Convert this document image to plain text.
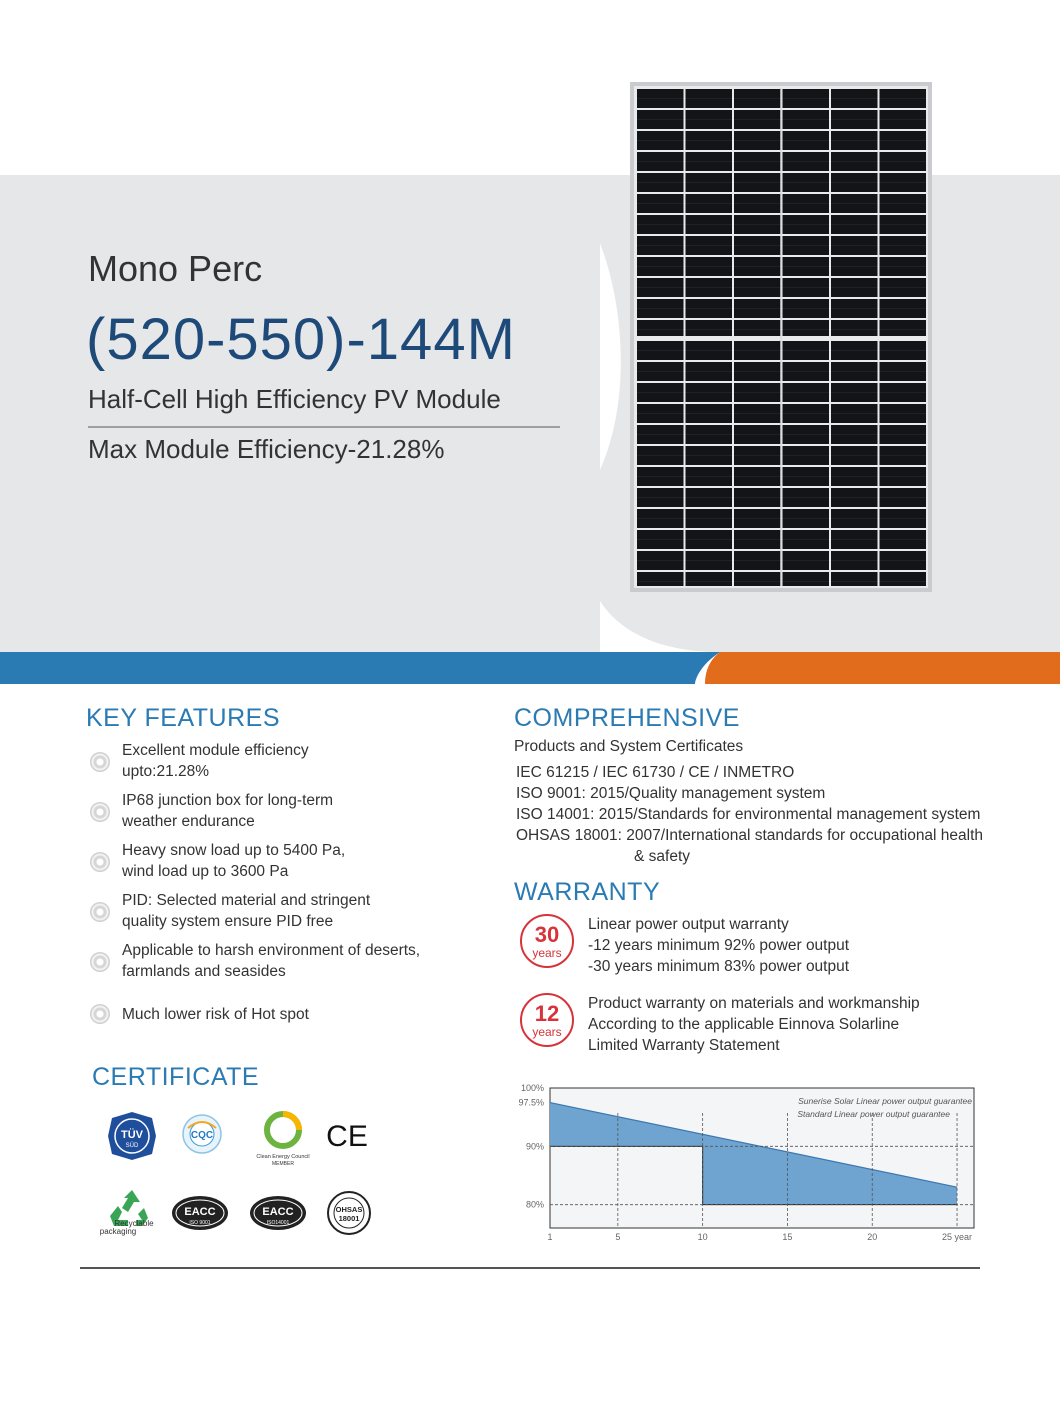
Mono Perc
(520-550)-144M
Half-Cell High Efficiency PV Module
Max Module Efficiency-21.28%
KEY FEATURES
Excellent module efficiency
upto:21.28%
IP68 junction box for long-term
weather endurance
Heavy snow load up to 5400 Pa,
wind load up to 3600 Pa
PID: Selected material and stringent
quality system ensure PID free
Applicable to harsh environment of deserts,
farmlands and seasides
Much lower risk of Hot spot
COMPREHENSIVE
Products and System Certificates
IEC 61215 / IEC 61730 / CE / INMETRO
ISO 9001: 2015/Quality management system
ISO 14001: 2015/Standards for environmental management system
OHSAS 18001: 2007/International standards for occupational health
& safety
WARRANTY
30
years
Linear power output warranty
-12 years minimum 92% power output
-30 years minimum 83% power output
12
years
Product warranty on materials and workmanship
According to the applicable Einnova Solarline
Limited Warranty Statement
100%
97.5%
90%
80%
1	5	10	15	20	25 year
Sunerise Solar Linear power output guarantee
Standard Linear power output guarantee
CERTIFICATE
TÜV
SÜD
CQC
Clean Energy Council
MEMBER
CE
Recyclable
packaging
EACC
ISO 9001
EACC
ISO14001
OHSAS
18001
